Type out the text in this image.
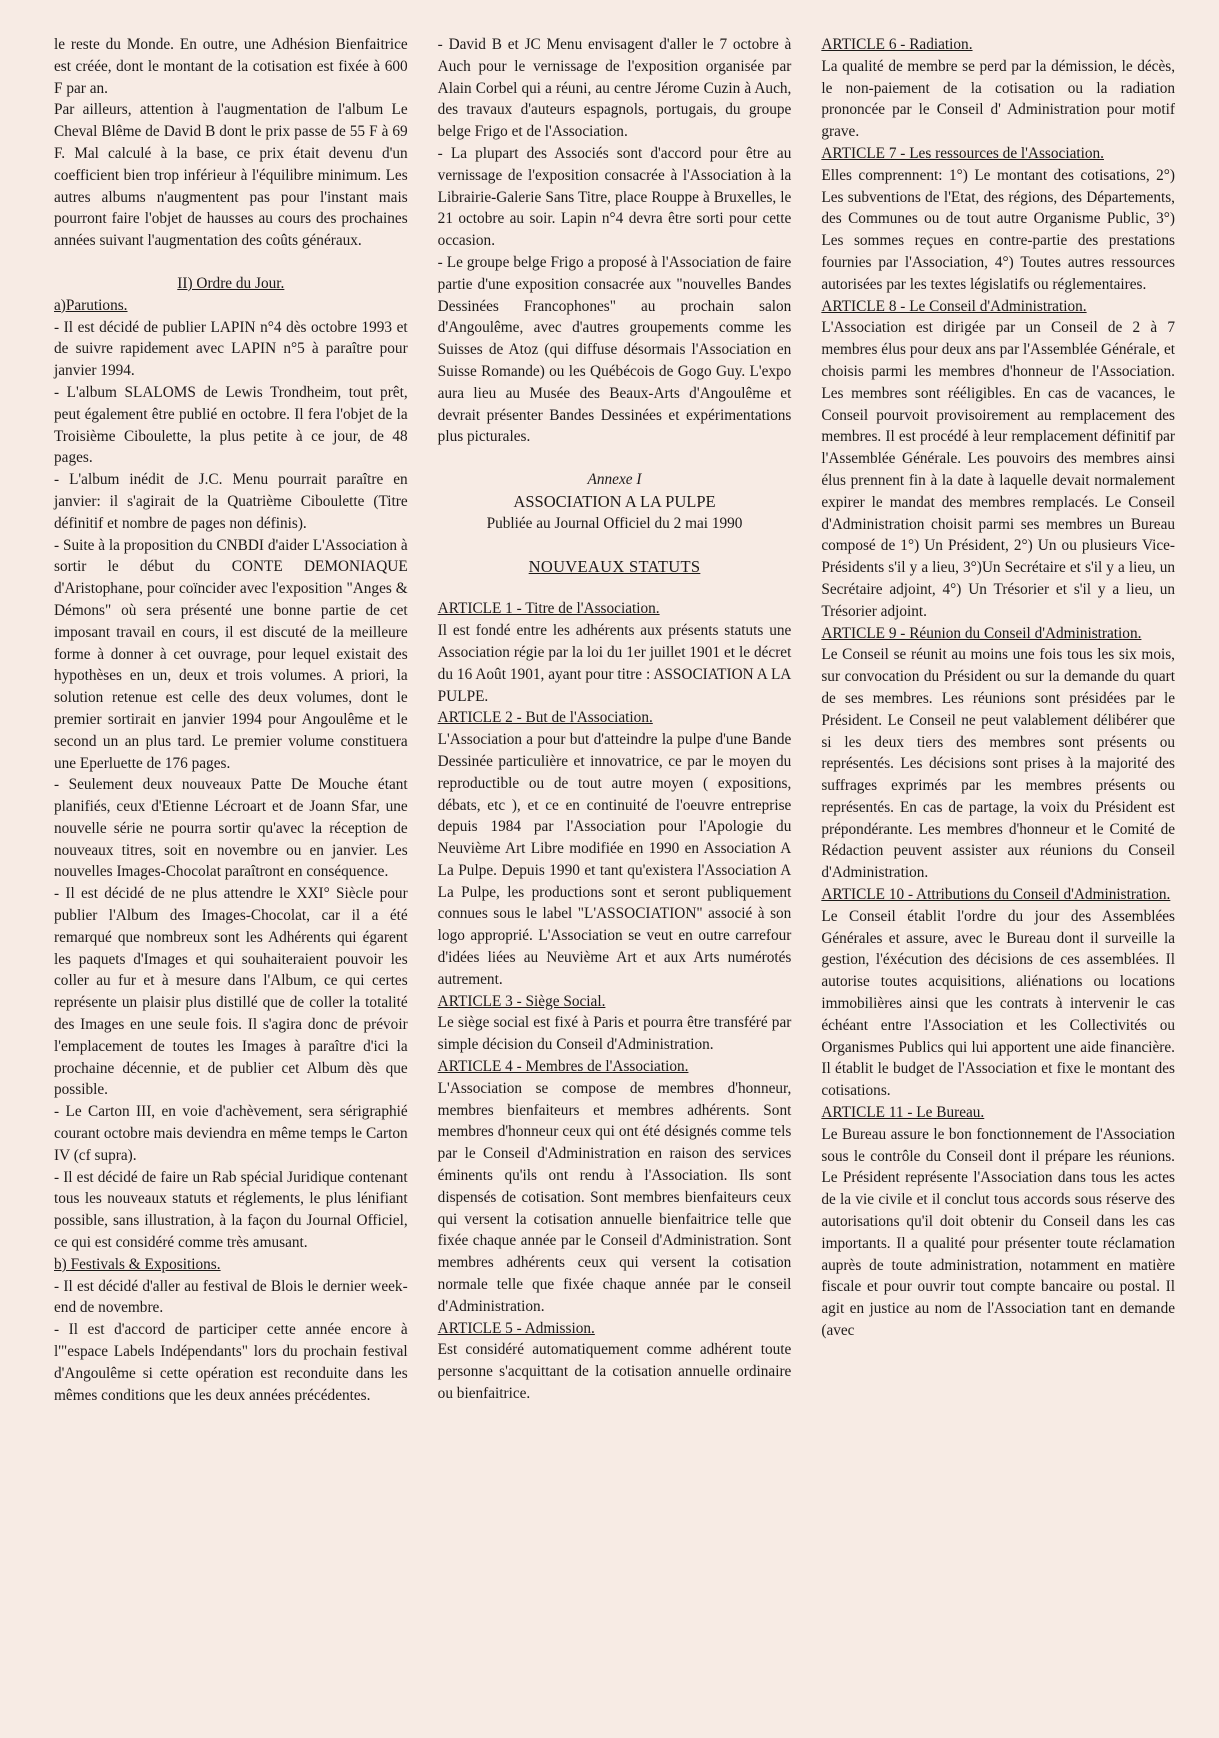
le reste du Monde. En outre, une Adhésion Bienfaitrice est créée, dont le montant de la cotisation est fixée à 600 F par an.

Par ailleurs, attention à l'augmentation de l'album Le Cheval Blême de David B dont le prix passe de 55 F à 69 F. Mal calculé à la base, ce prix était devenu d'un coefficient bien trop inférieur à l'équilibre minimum. Les autres albums n'augmentent pas pour l'instant mais pourront faire l'objet de hausses au cours des prochaines années suivant l'augmentation des coûts généraux.

II) Ordre du Jour.

a)Parutions.

- Il est décidé de publier LAPIN n°4 dès octobre 1993 et de suivre rapidement avec LAPIN n°5 à paraître pour janvier 1994.

- L'album SLALOMS de Lewis Trondheim, tout prêt, peut également être publié en octobre. Il fera l'objet de la Troisième Ciboulette, la plus petite à ce jour, de 48 pages.

- L'album inédit de J.C. Menu pourrait paraître en janvier: il s'agirait de la Quatrième Ciboulette (Titre définitif et nombre de pages non définis).

- Suite à la proposition du CNBDI d'aider L'Association à sortir le début du CONTE DEMONIAQUE d'Aristophane, pour coïncider avec l'exposition "Anges & Démons" où sera présenté une bonne partie de cet imposant travail en cours, il est discuté de la meilleure forme à donner à cet ouvrage, pour lequel existait des hypothèses en un, deux et trois volumes. A priori, la solution retenue est celle des deux volumes, dont le premier sortirait en janvier 1994 pour Angoulême et le second un an plus tard. Le premier volume constituera une Eperluette de 176 pages.

- Seulement deux nouveaux Patte De Mouche étant planifiés, ceux d'Etienne Lécroart et de Joann Sfar, une nouvelle série ne pourra sortir qu'avec la réception de nouveaux titres, soit en novembre ou en janvier. Les nouvelles Images-Chocolat paraîtront en conséquence.

- Il est décidé de ne plus attendre le XXI° Siècle pour publier l'Album des Images-Chocolat, car il a été remarqué que nombreux sont les Adhérents qui égarent les paquets d'Images et qui souhaiteraient pouvoir les coller au fur et à mesure dans l'Album, ce qui certes représente un plaisir plus distillé que de coller la totalité des Images en une seule fois. Il s'agira donc de prévoir l'emplacement de toutes les Images à paraître d'ici la prochaine décennie, et de publier cet Album dès que possible.

- Le Carton III, en voie d'achèvement, sera sérigraphié courant octobre mais deviendra en même temps le Carton IV (cf supra).

- Il est décidé de faire un Rab spécial Juridique contenant tous les nouveaux statuts et réglements, le plus lénifiant possible, sans illustration, à la façon du Journal Officiel, ce qui est considéré comme très amusant.

b) Festivals & Expositions.

- Il est décidé d'aller au festival de Blois le dernier week-end de novembre.

- Il est d'accord de participer cette année encore à l'"espace Labels Indépendants" lors du prochain festival d'Angoulême si cette opération est reconduite dans les mêmes conditions que les deux années précédentes.

- David B et JC Menu envisagent d'aller le 7 octobre à Auch pour le vernissage de l'exposition organisée par Alain Corbel qui a réuni, au centre Jérome Cuzin à Auch, des travaux d'auteurs espagnols, portugais, du groupe belge Frigo et de l'Association.

- La plupart des Associés sont d'accord pour être au vernissage de l'exposition consacrée à l'Association à la Librairie-Galerie Sans Titre, place Rouppe à Bruxelles, le 21 octobre au soir. Lapin n°4 devra être sorti pour cette occasion.

- Le groupe belge Frigo a proposé à l'Association de faire partie d'une exposition consacrée aux "nouvelles Bandes Dessinées Francophones" au prochain salon d'Angoulême, avec d'autres groupements comme les Suisses de Atoz (qui diffuse désormais l'Association en Suisse Romande) ou les Québécois de Gogo Guy. L'expo aura lieu au Musée des Beaux-Arts d'Angoulême et devrait présenter Bandes Dessinées et expérimentations plus picturales.

Annexe I

ASSOCIATION A LA PULPE

Publiée au Journal Officiel du 2 mai 1990

NOUVEAUX STATUTS

ARTICLE 1 - Titre de l'Association.

Il est fondé entre les adhérents aux présents statuts une Association régie par la loi du 1er juillet 1901 et le décret du 16 Août 1901, ayant pour titre : ASSOCIATION A LA PULPE.

ARTICLE 2 - But de l'Association.

L'Association a pour but d'atteindre la pulpe d'une Bande Dessinée particulière et innovatrice, ce par le moyen du reproductible ou de tout autre moyen ( expositions, débats, etc ), et ce en continuité de l'oeuvre entreprise depuis 1984 par l'Association pour l'Apologie du Neuvième Art Libre modifiée en 1990 en Association A La Pulpe. Depuis 1990 et tant qu'existera l'Association A La Pulpe, les productions sont et seront publiquement connues sous le label "L'ASSOCIATION" associé à son logo approprié. L'Association se veut en outre carrefour d'idées liées au Neuvième Art et aux Arts numérotés autrement.

ARTICLE 3 - Siège Social.

Le siège social est fixé à Paris et pourra être transféré par simple décision du Conseil d'Administration.

ARTICLE 4 - Membres de l'Association.

L'Association se compose de membres d'honneur, membres bienfaiteurs et membres adhérents. Sont membres d'honneur ceux qui ont été désignés comme tels par le Conseil d'Administration en raison des services éminents qu'ils ont rendu à l'Association. Ils sont dispensés de cotisation. Sont membres bienfaiteurs ceux qui versent la cotisation annuelle bienfaitrice telle que fixée chaque année par le Conseil d'Administration. Sont membres adhérents ceux qui versent la cotisation normale telle que fixée chaque année par le conseil d'Administration.

ARTICLE 5 - Admission.

Est considéré automatiquement comme adhérent toute personne s'acquittant de la cotisation annuelle ordinaire ou bienfaitrice.

ARTICLE 6 - Radiation.

La qualité de membre se perd par la démission, le décès, le non-paiement de la cotisation ou la radiation prononcée par le Conseil d' Administration pour motif grave.

ARTICLE 7 - Les ressources de l'Association.

Elles comprennent: 1°) Le montant des cotisations, 2°) Les subventions de l'Etat, des régions, des Départements, des Communes ou de tout autre Organisme Public, 3°) Les sommes reçues en contre-partie des prestations fournies par l'Association, 4°) Toutes autres ressources autorisées par les textes législatifs ou réglementaires.

ARTICLE 8 - Le Conseil d'Administration.

L'Association est dirigée par un Conseil de 2 à 7 membres élus pour deux ans par l'Assemblée Générale, et choisis parmi les membres d'honneur de l'Association. Les membres sont rééligibles. En cas de vacances, le Conseil pourvoit provisoirement au remplacement des membres. Il est procédé à leur remplacement définitif par l'Assemblée Générale. Les pouvoirs des membres ainsi élus prennent fin à la date à laquelle devait normalement expirer le mandat des membres remplacés. Le Conseil d'Administration choisit parmi ses membres un Bureau composé de 1°) Un Président, 2°) Un ou plusieurs Vice-Présidents s'il y a lieu, 3°)Un Secrétaire et s'il y a lieu, un Secrétaire adjoint, 4°) Un Trésorier et s'il y a lieu, un Trésorier adjoint.

ARTICLE 9 - Réunion du Conseil d'Administration.

Le Conseil se réunit au moins une fois tous les six mois, sur convocation du Président ou sur la demande du quart de ses membres. Les réunions sont présidées par le Président. Le Conseil ne peut valablement délibérer que si les deux tiers des membres sont présents ou représentés. Les décisions sont prises à la majorité des suffrages exprimés par les membres présents ou représentés. En cas de partage, la voix du Président est prépondérante. Les membres d'honneur et le Comité de Rédaction peuvent assister aux réunions du Conseil d'Administration.

ARTICLE 10 - Attributions du Conseil d'Administration.

Le Conseil établit l'ordre du jour des Assemblées Générales et assure, avec le Bureau dont il surveille la gestion, l'éxécution des décisions de ces assemblées. Il autorise toutes acquisitions, aliénations ou locations immobilières ainsi que les contrats à intervenir le cas échéant entre l'Association et les Collectivités ou Organismes Publics qui lui apportent une aide financière. Il établit le budget de l'Association et fixe le montant des cotisations.

ARTICLE 11 - Le Bureau.

Le Bureau assure le bon fonctionnement de l'Association sous le contrôle du Conseil dont il prépare les réunions. Le Président représente l'Association dans tous les actes de la vie civile et il conclut tous accords sous réserve des autorisations qu'il doit obtenir du Conseil dans les cas importants. Il a qualité pour présenter toute réclamation auprès de toute administration, notamment en matière fiscale et pour ouvrir tout compte bancaire ou postal. Il agit en justice au nom de l'Association tant en demande (avec
